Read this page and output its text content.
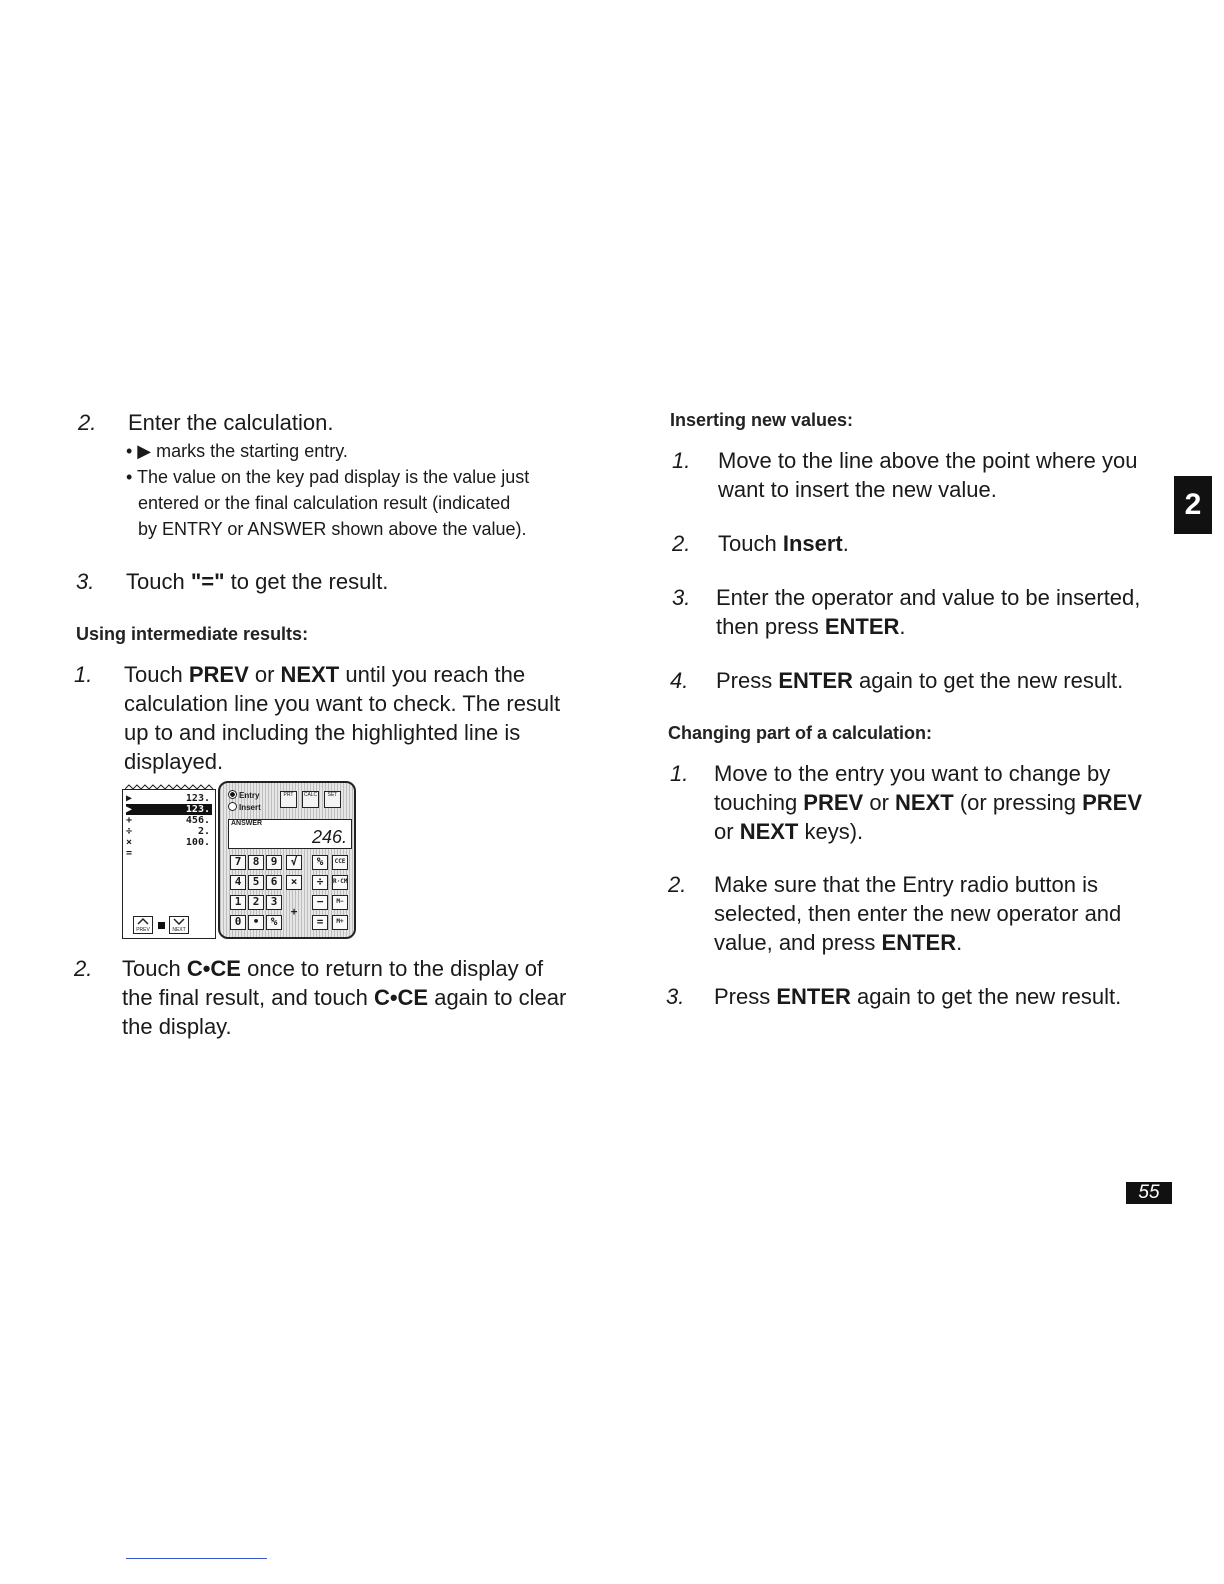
2. Enter the calculation.
• ▶ marks the starting entry.
• The value on the key pad display is the value just
entered or the final calculation result (indicated
by ENTRY or ANSWER shown above the value).
3. Touch "=" to get the result.
Using intermediate results:
1. Touch PREV or NEXT until you reach the
calculation line you want to check. The result
up to and including the highlighted line is
displayed.
▶	123.
▶	123.
+	456.
÷	2.
×	100.
=
PREV	NEXT
Entry
Insert
PRT	CALC	SET
ANSWER
246.
7	8	9	√	%	CCE
4	5	6	×	÷	R·CM
1	2	3
+
−	M−
0	•	%	=	M+
2. Touch C•CE once to return to the display of
the final result, and touch C•CE again to clear
the display.
Inserting new values:
1. Move to the line above the point where you
want to insert the new value.
2. Touch Insert.
3. Enter the operator and value to be inserted,
then press ENTER.
4. Press ENTER again to get the new result.
Changing part of a calculation:
1. Move to the entry you want to change by
touching PREV or NEXT (or pressing PREV
or NEXT keys).
2. Make sure that the Entry radio button is
selected, then enter the new operator and
value, and press ENTER.
3. Press ENTER again to get the new result.
2
55
